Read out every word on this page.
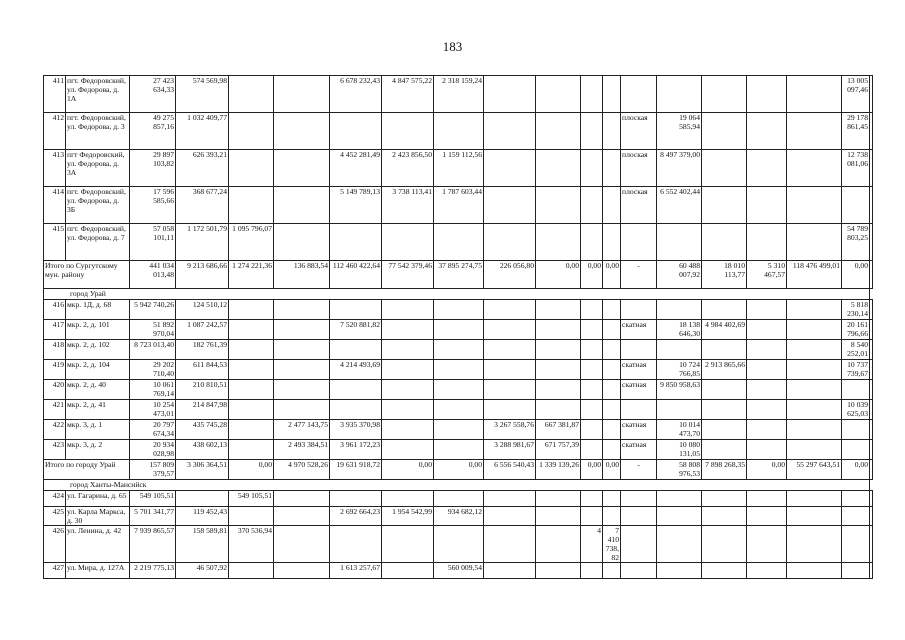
183
411	пгт. Федоровский, ул. Федорова, д. 1А	27 423 634,33	574 569,98			6 678 232,43	4 847 575,22	2 318 159,24										13 005 097,46	
412	пгт. Федоровский, ул. Федорова, д. 3	49 275 857,16	1 032 409,77										плоская	19 064 585,94				29 178 861,45	
413	пгт Федоровский, ул. Федорова, д. 3А	29 897 103,82	626 393,21			4 452 281,49	2 423 856,50	1 159 112,56					плоская	8 497 379,00				12 738 081,06	
414	пгт. Федоровский, ул. Федорова, д. 3Б	17 596 585,66	368 677,24			5 149 789,13	3 738 113,41	1 787 603,44					плоская	6 552 402,44					
415	пгт. Федоровский, ул. Федорова, д. 7	57 058 101,11	1 172 501,79	1 095 796,07														54 789 803,25	
Итого по Сургутскому мун. району		441 034 013,48	9 213 686,66	1 274 221,36	136 883,54	112 460 422,64	77 542 379,46	37 895 274,75	226 056,80	0,00	0,00	0,00	-	60 488 007,92	18 010 113,77	5 310 467,57	118 476 499,01	0,00	
город Урай																			
416	мкр. 1Д, д. 68	5 942 740,26	124 510,12															5 818 230,14	
417	мкр. 2, д. 101	51 892 970,04	1 087 242,57			7 520 881,82							скатная	18 138 646,30	4 984 402,69			20 161 796,66	
418	мкр. 2, д. 102	8 723 013,40	182 761,39															8 540 252,01	
419	мкр. 2, д. 104	29 202 710,40	611 844,53			4 214 493,69							скатная	10 724 766,85	2 913 865,66			10 737 739,67	
420	мкр. 2, д. 40	10 061 769,14	210 810,51										скатная	9 850 958,63					
421	мкр. 2, д. 41	10 254 473,01	214 847,98															10 039 625,03	
422	мкр. 3, д. 1	20 797 674,34	435 745,28		2 477 143,75	3 935 370,98			3 267 558,76	667 381,87			скатная	10 014 473,70					
423	мкр. 3, д. 2	20 934 028,98	438 602,13		2 493 384,51	3 961 172,23			3 288 981,67	671 757,39			скатная	10 080 131,05					
Итого по городу Урай		157 809 379,57	3 306 364,51	0,00	4 970 528,26	19 631 918,72	0,00	0,00	6 556 540,43	1 339 139,26	0,00	0,00	-	58 808 976,53	7 898 268,35	0,00	55 297 643,51	0,00	
город Ханты-Мансийск																			
424	ул. Гагарина, д. 65	549 105,51		549 105,51															
425	ул. Карла Маркса, д. 30	5 701 341,77	119 452,43			2 692 664,23	1 954 542,99	934 682,12											
426	ул. Ленина, д. 42	7 939 865,57	158 589,81	370 536,94							4	7 410 738,82							
427	ул. Мира, д. 127А	2 219 775,13	46 507,92			1 613 257,67		560 009,54											
